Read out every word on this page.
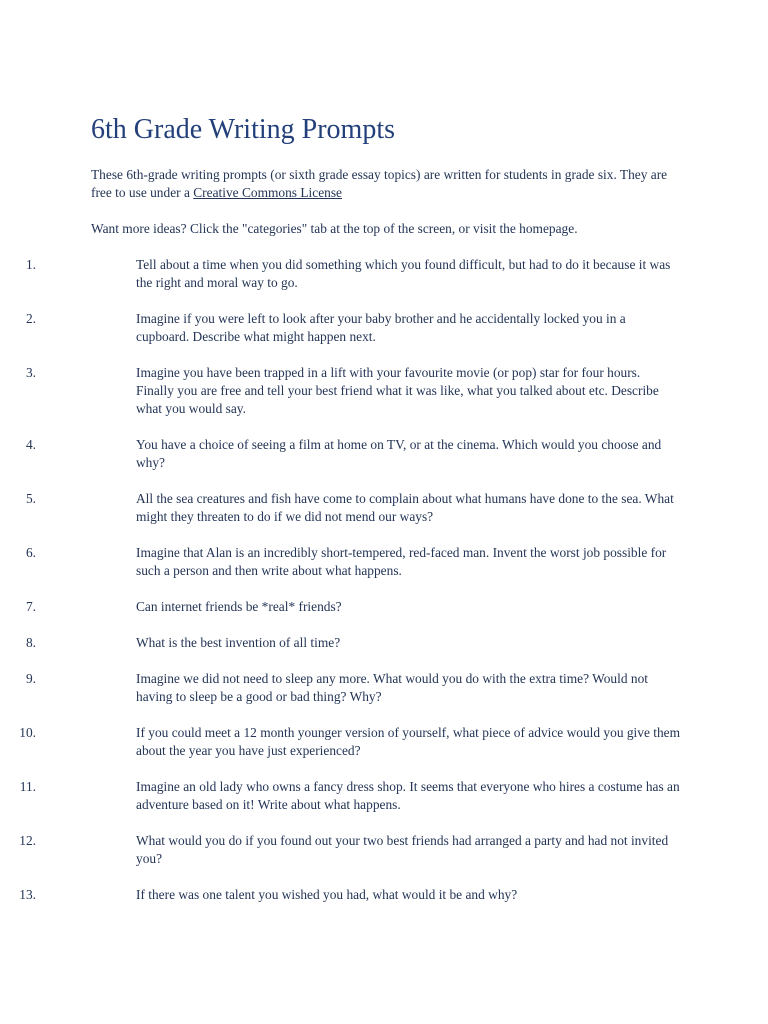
6th Grade Writing Prompts

These 6th-grade writing prompts (or sixth grade essay topics) are written for students in grade six. They are free to use under a Creative Commons License

Want more ideas? Click the "categories" tab at the top of the screen, or visit the homepage.

1.	Tell about a time when you did something which you found difficult, but had to do it because it was the right and moral way to go.
2.	Imagine if you were left to look after your baby brother and he accidentally locked you in a cupboard. Describe what might happen next.
3.	Imagine you have been trapped in a lift with your favourite movie (or pop) star for four hours. Finally you are free and tell your best friend what it was like, what you talked about etc. Describe what you would say.
4.	You have a choice of seeing a film at home on TV, or at the cinema. Which would you choose and why?
5.	All the sea creatures and fish have come to complain about what humans have done to the sea. What might they threaten to do if we did not mend our ways?
6.	Imagine that Alan is an incredibly short-tempered, red-faced man. Invent the worst job possible for such a person and then write about what happens.
7.	Can internet friends be *real* friends?
8.	What is the best invention of all time?
9.	Imagine we did not need to sleep any more. What would you do with the extra time? Would not having to sleep be a good or bad thing? Why?
10.	If you could meet a 12 month younger version of yourself, what piece of advice would you give them about the year you have just experienced?
11.	Imagine an old lady who owns a fancy dress shop. It seems that everyone who hires a costume has an adventure based on it! Write about what happens.
12.	What would you do if you found out your two best friends had arranged a party and had not invited you?
13.	If there was one talent you wished you had, what would it be and why?
